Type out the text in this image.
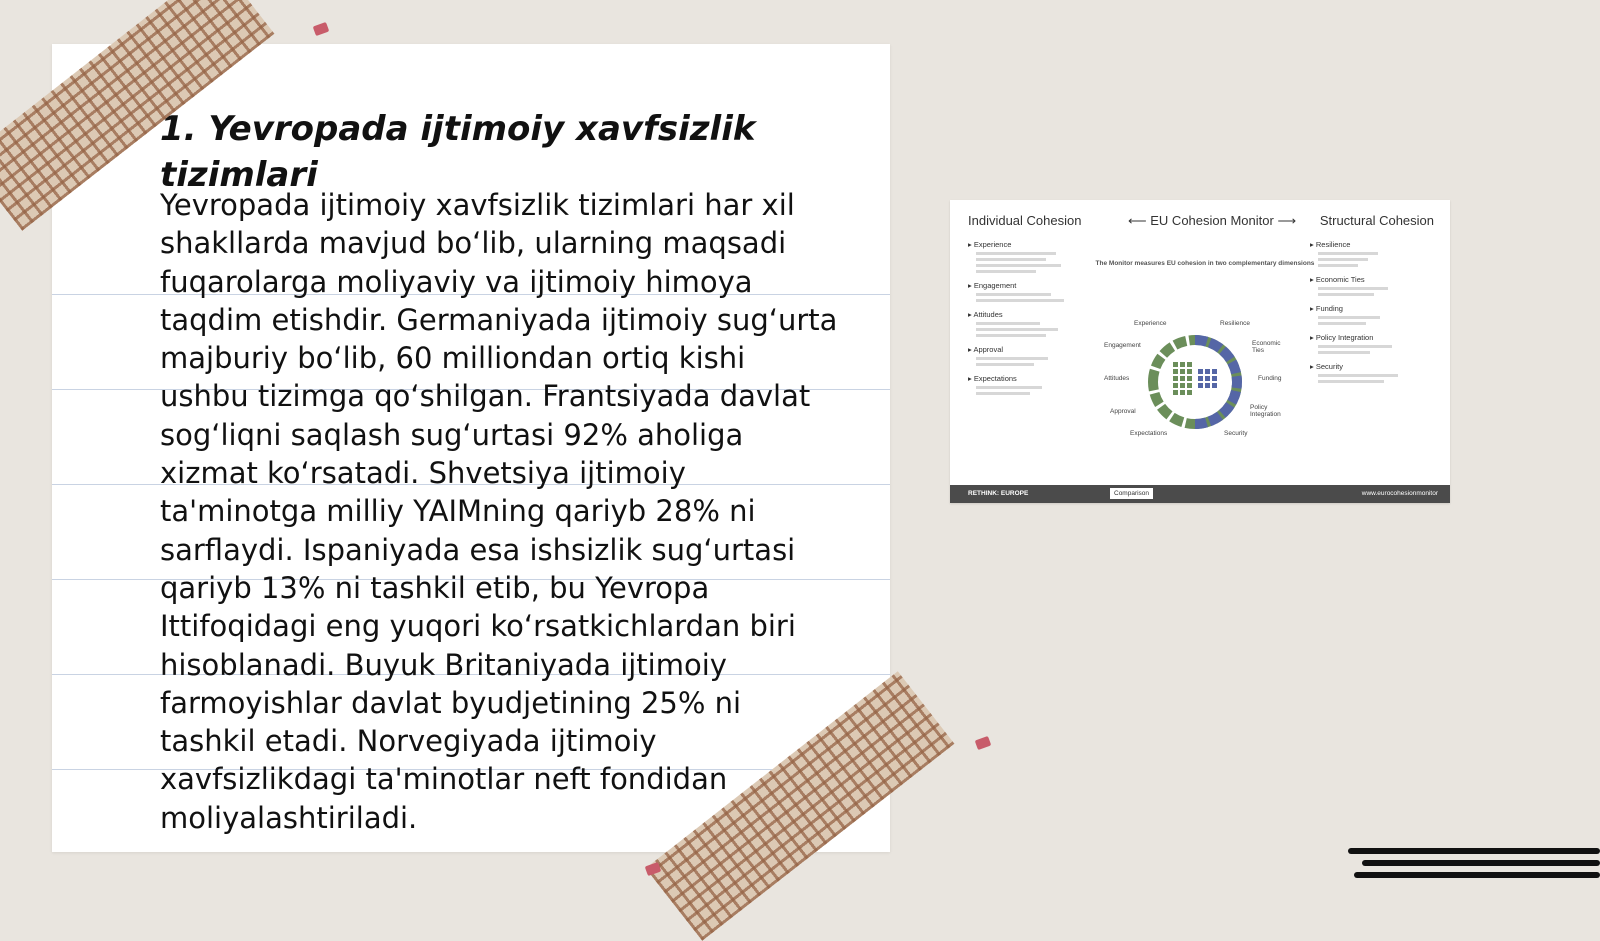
1. Yevropada ijtimoiy xavfsizlik tizimlari

Yevropada ijtimoiy xavfsizlik tizimlari har xil shakllarda mavjud bo‘lib, ularning maqsadi fuqarolarga moliyaviy va ijtimoiy himoya taqdim etishdir. Germaniyada ijtimoiy sug‘urta majburiy bo‘lib, 60 milliondan ortiq kishi ushbu tizimga qo‘shilgan. Frantsiyada davlat sog‘liqni saqlash sug‘urtasi 92% aholiga xizmat ko‘rsatadi. Shvetsiya ijtimoiy ta'minotga milliy YAIMning qariyb 28% ni sarflaydi. Ispaniyada esa ishsizlik sug‘urtasi qariyb 13% ni tashkil etib, bu Yevropa Ittifoqidagi eng yuqori ko‘rsatkichlardan biri hisoblanadi. Buyuk Britaniyada ijtimoiy farmoyishlar davlat byudjetining 25% ni tashkil etadi. Norvegiyada ijtimoiy xavfsizlikdagi ta'minotlar neft fondidan moliyalashtiriladi.

Individual Cohesion	⟵ EU Cohesion Monitor ⟶ Structural Cohesion
▸ Experience
▸ Engagement
▸ Attitudes
▸ Approval
▸ Expectations
▸ Resilience
▸ Economic Ties
▸ Funding
▸ Policy Integration
▸ Security
The Monitor measures EU cohesion in two complementary dimensions
Experience	Resilience
Engagement	Economic Ties
Attitudes	Funding
Approval
Policy Integration
Expectations	Security
RETHINK: EUROPE	Comparison	www.eurocohesionmonitor
